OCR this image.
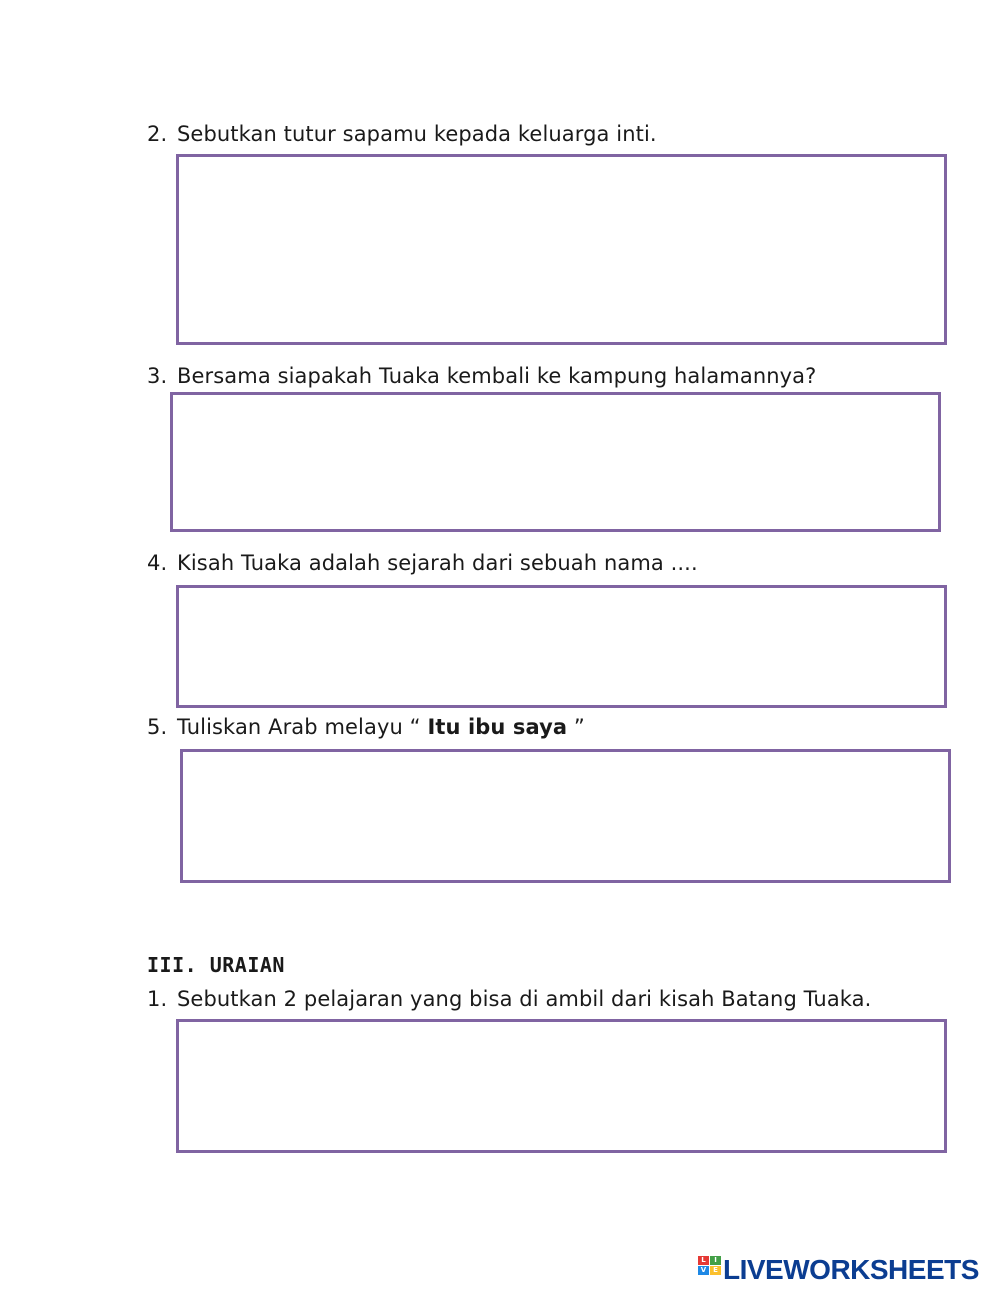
2. Sebutkan tutur sapamu kepada keluarga inti.
3. Bersama siapakah Tuaka kembali ke kampung halamannya?
4. Kisah Tuaka adalah sejarah dari sebuah nama ....
5. Tuliskan Arab melayu “ Itu ibu saya ”
III. URAIAN
1. Sebutkan 2 pelajaran yang bisa di ambil dari kisah Batang Tuaka.
L	I
V E LIVEWORKSHEETS
